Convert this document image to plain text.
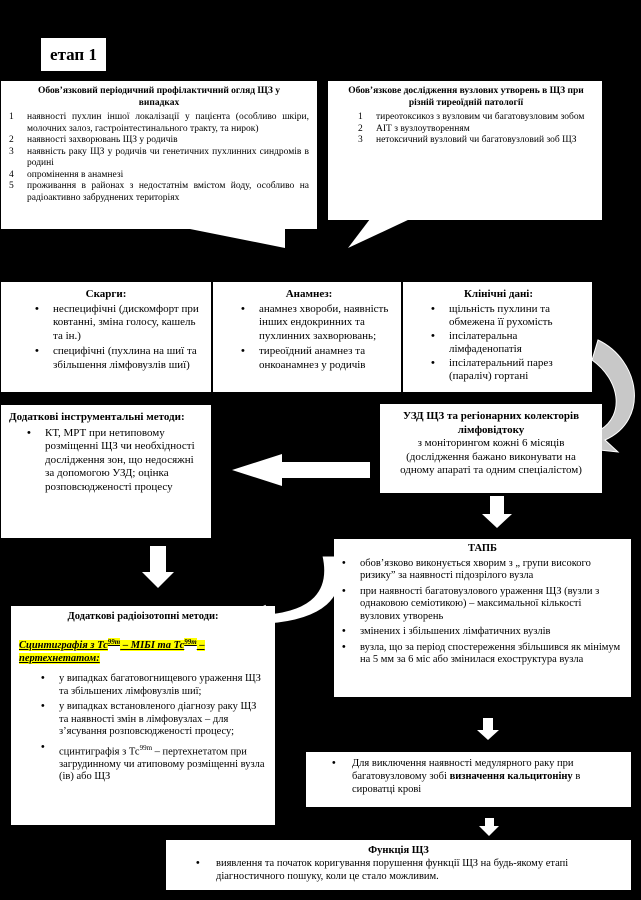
етап 1
Обов’язковий періодичний профілактичний огляд ЩЗ у випадках
1	наявності пухлин іншої локалізації у пацієнта (особливо шкіри, молочних залоз, гастроінтестинального тракту, та нирок)
2	наявності захворювань ЩЗ у родичів
3	наявність раку ЩЗ у родичів чи генетичних пухлинних синдромів в родині
4	опромінення в анамнезі
5	проживання в районах з недостатнім вмістом йоду, особливо на радіоактивно забруднених територіях
Обов’язкове дослідження вузлових утворень в ЩЗ при різній тиреоїдній патології
1	тиреотоксикоз з вузловим чи багатовузловим зобом
2	АІТ з вузлоутворенням
3	нетоксичний вузловий чи багатовузловий зоб ЩЗ
Скарги:
•	неспецифічні (дискомфорт при ковтанні, зміна голосу, кашель та ін.)
•	специфічні (пухлина на шиї та збільшення лімфовузлів шиї)
Анамнез:
•	анамнез хвороби, наявність інших ендокринних та пухлинних захворювань;
•	тиреоїдний анамнез та онкоанамнез у родичів
Клінічні дані:
•	щільність пухлини та обмежена її рухомість
•	іпсілатеральна лімфаденопатія
•	іпсілатеральний парез (параліч) гортані
Додаткові інструментальні методи:
•	КТ, МРТ при нетиповому розміщенні ЩЗ чи необхідності дослідження зон, що недосяжні за допомогою УЗД; оцінка розповсюдженості процесу
УЗД ЩЗ та регіонарних колекторів лімфовідтоку
з моніторингом кожні 6 місяців (дослідження бажано виконувати на одному апараті та одним спеціалістом)
ТАПБ
•	обов’язково виконується хворим з „ групи високого ризику” за наявності підозрілого вузла
•	при наявності багатовузлового ураження ЩЗ (вузли з однаковою семіотикою) – максимальної кількості вузлових утворень
•	змінених і збільшених лімфатичних вузлів
•	вузла, що за період спостереження збільшився як мінімум на 5 мм за 6 міс або змінилася ехоструктура вузла
Додаткові радіоізотопні методи:
Сцинтиграфія з $Тс^{99m}$ – МІБІ та $Тс^{99m}$ – пертехнетатом:
•	у випадках багатовогнищевого ураження ЩЗ та збільшених лімфовузлів шиї;
•	у випадках встановленого діагнозу раку ЩЗ та наявності змін в лімфовузлах – для з’ясування розповсюдженості процесу;
•	сцинтиграфія з $Тс^{99m}$ – пертехнетатом при загрудинному чи атиповому розміщенні вузла (ів) або ЩЗ
•	Для виключення наявності медулярного раку при багатовузловому зобі визначення кальцитоніну в сироватці крові
Функція ЩЗ
•	виявлення та початок коригування порушення функції ЩЗ на будь-якому етапі діагностичного пошуку, коли це стало можливим.
